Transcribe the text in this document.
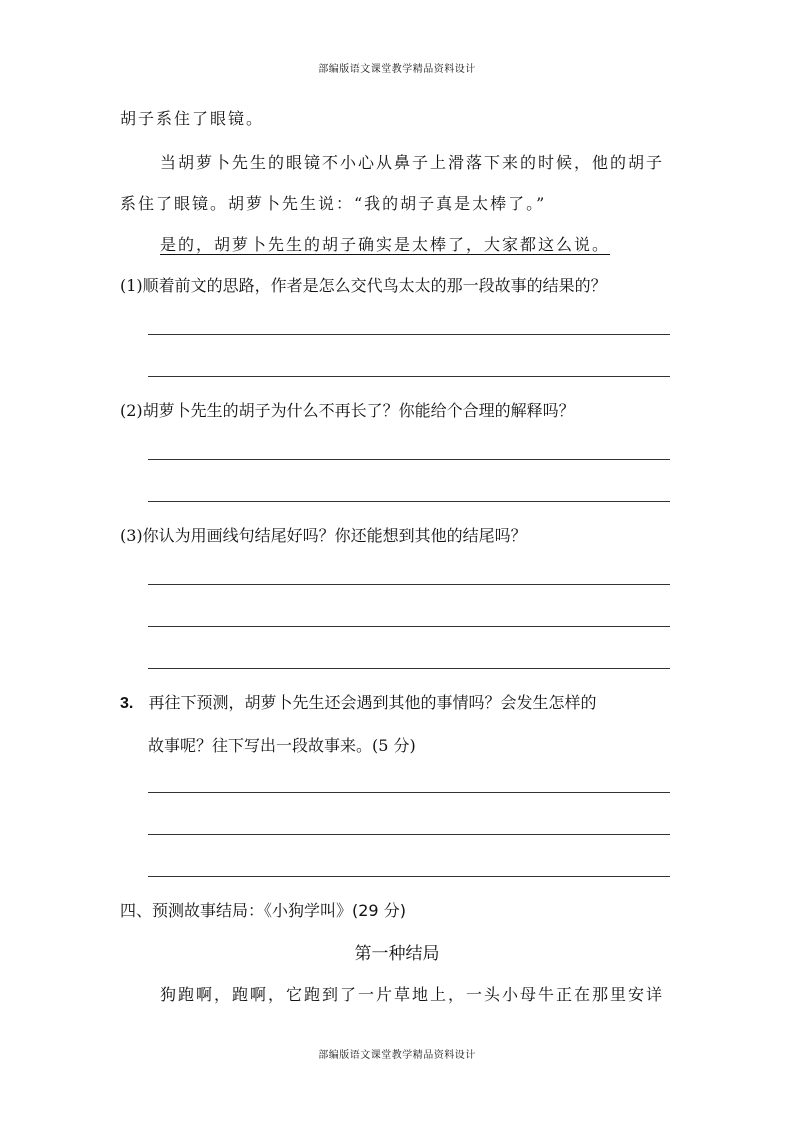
部编版语文课堂教学精品资料设计
胡子系住了眼镜。
当胡萝卜先生的眼镜不小心从鼻子上滑落下来的时候，他的胡子
系住了眼镜。胡萝卜先生说：“我的胡子真是太棒了。”
是的，胡萝卜先生的胡子确实是太棒了，大家都这么说。
(1)顺着前文的思路，作者是怎么交代鸟太太的那一段故事的结果的？
(2)胡萝卜先生的胡子为什么不再长了？你能给个合理的解释吗？
(3)你认为用画线句结尾好吗？你还能想到其他的结尾吗？
3. 再往下预测，胡萝卜先生还会遇到其他的事情吗？会发生怎样的
故事呢？往下写出一段故事来。(5 分)
四、预测故事结局：《小狗学叫》(29 分)
第一种结局
狗跑啊，跑啊，它跑到了一片草地上，一头小母牛正在那里安详
部编版语文课堂教学精品资料设计
